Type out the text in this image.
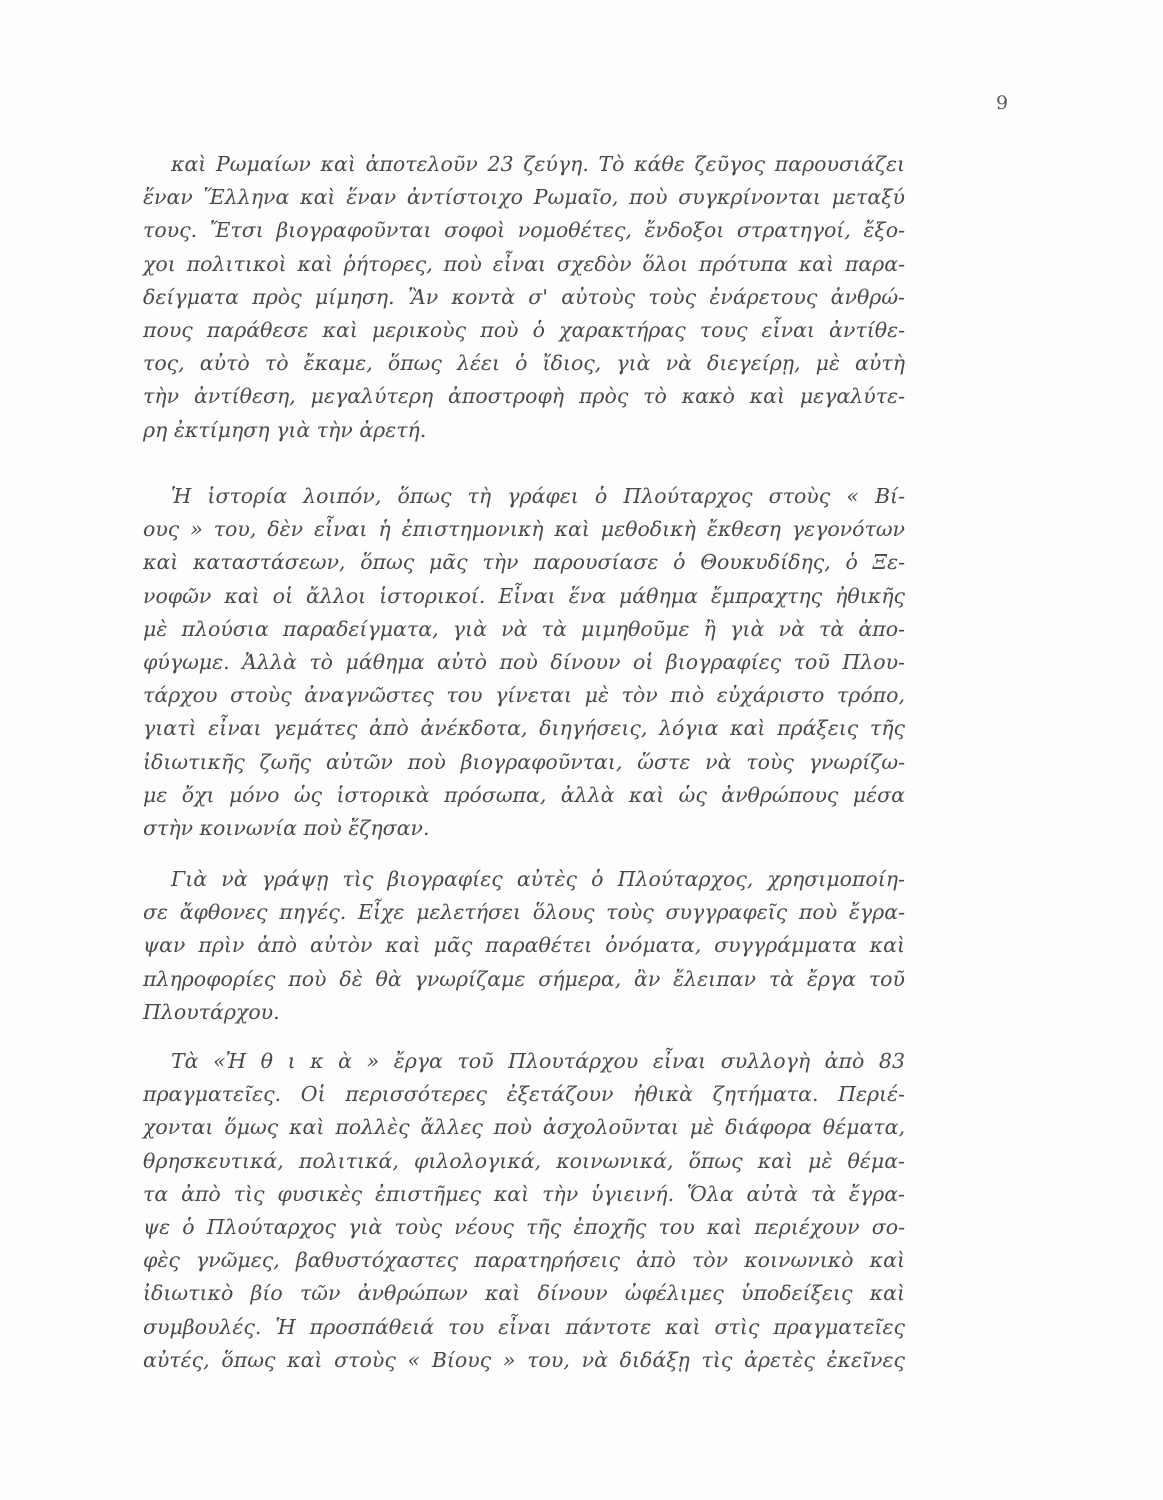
9
καὶ Ρωμαίων καὶ ἀποτελοῦν 23 ζεύγη. Τὸ κάθε ζεῦγος παρουσιάζει
ἕναν Ἕλληνα καὶ ἕναν ἀντίστοιχο Ρωμαῖο, ποὺ συγκρίνονται μεταξύ
τους. Ἔτσι βιογραφοῦνται σοφοὶ νομοθέτες, ἔνδοξοι στρατηγοί, ἔξο-
χοι πολιτικοὶ καὶ ῥήτορες, ποὺ εἶναι σχεδὸν ὅλοι πρότυπα καὶ παρα-
δείγματα πρὸς μίμηση. Ἂν κοντὰ σ' αὐτοὺς τοὺς ἐνάρετους ἀνθρώ-
πους παράθεσε καὶ μερικοὺς ποὺ ὁ χαρακτήρας τους εἶναι ἀντίθε-
τος, αὐτὸ τὸ ἔκαμε, ὅπως λέει ὁ ἴδιος, γιὰ νὰ διεγείρῃ, μὲ αὐτὴ
τὴν ἀντίθεση, μεγαλύτερη ἀποστροφὴ πρὸς τὸ κακὸ καὶ μεγαλύτε-
ρη ἐκτίμηση γιὰ τὴν ἀρετή.
Ἡ ἱστορία λοιπόν, ὅπως τὴ γράφει ὁ Πλούταρχος στοὺς « Βί-
ους » του, δὲν εἶναι ἡ ἐπιστημονικὴ καὶ μεθοδικὴ ἔκθεση γεγονότων
καὶ καταστάσεων, ὅπως μᾶς τὴν παρουσίασε ὁ Θουκυδίδης, ὁ Ξε-
νοφῶν καὶ οἱ ἄλλοι ἱστορικοί. Εἶναι ἕνα μάθημα ἔμπραχτης ἠθικῆς
μὲ πλούσια παραδείγματα, γιὰ νὰ τὰ μιμηθοῦμε ἢ γιὰ νὰ τὰ ἀπο-
φύγωμε. Ἀλλὰ τὸ μάθημα αὐτὸ ποὺ δίνουν οἱ βιογραφίες τοῦ Πλου-
τάρχου στοὺς ἀναγνῶστες του γίνεται μὲ τὸν πιὸ εὐχάριστο τρόπο,
γιατὶ εἶναι γεμάτες ἀπὸ ἀνέκδοτα, διηγήσεις, λόγια καὶ πράξεις τῆς
ἰδιωτικῆς ζωῆς αὐτῶν ποὺ βιογραφοῦνται, ὥστε νὰ τοὺς γνωρίζω-
με ὄχι μόνο ὡς ἱστορικὰ πρόσωπα, ἀλλὰ καὶ ὡς ἀνθρώπους μέσα
στὴν κοινωνία ποὺ ἔζησαν.
Γιὰ νὰ γράψῃ τὶς βιογραφίες αὐτὲς ὁ Πλούταρχος, χρησιμοποίη-
σε ἄφθονες πηγές. Εἶχε μελετήσει ὅλους τοὺς συγγραφεῖς ποὺ ἔγρα-
ψαν πρὶν ἀπὸ αὐτὸν καὶ μᾶς παραθέτει ὀνόματα, συγγράμματα καὶ
πληροφορίες ποὺ δὲ θὰ γνωρίζαμε σήμερα, ἂν ἔλειπαν τὰ ἔργα τοῦ
Πλουτάρχου.
Τὰ «Ἠ θ ι κ ὰ » ἔργα τοῦ Πλουτάρχου εἶναι συλλογὴ ἀπὸ 83
πραγματεῖες. Οἱ περισσότερες ἐξετάζουν ἠθικὰ ζητήματα. Περιέ-
χονται ὅμως καὶ πολλὲς ἄλλες ποὺ ἀσχολοῦνται μὲ διάφορα θέματα,
θρησκευτικά, πολιτικά, φιλολογικά, κοινωνικά, ὅπως καὶ μὲ θέμα-
τα ἀπὸ τὶς φυσικὲς ἐπιστῆμες καὶ τὴν ὑγιεινή. Ὅλα αὐτὰ τὰ ἔγρα-
ψε ὁ Πλούταρχος γιὰ τοὺς νέους τῆς ἐποχῆς του καὶ περιέχουν σο-
φὲς γνῶμες, βαθυστόχαστες παρατηρήσεις ἀπὸ τὸν κοινωνικὸ καὶ
ἰδιωτικὸ βίο τῶν ἀνθρώπων καὶ δίνουν ὠφέλιμες ὑποδείξεις καὶ
συμβουλές. Ἡ προσπάθειά του εἶναι πάντοτε καὶ στὶς πραγματεῖες
αὐτές, ὅπως καὶ στοὺς « Βίους » του, νὰ διδάξῃ τὶς ἀρετὲς ἐκεῖνες
